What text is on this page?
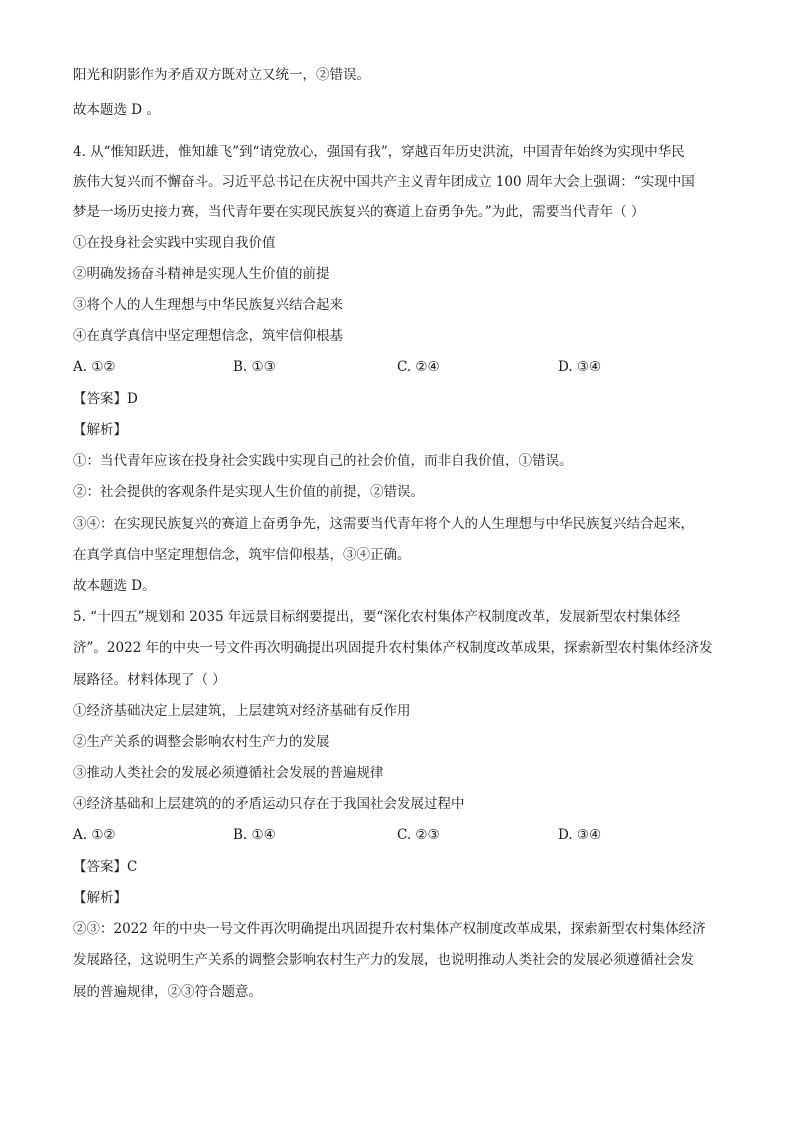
阳光和阴影作为矛盾双方既对立又统一，②错误。
故本题选 D 。
4. 从“惟知跃进，惟知雄飞”到“请党放心，强国有我”，穿越百年历史洪流，中国青年始终为实现中华民
族伟大复兴而不懈奋斗。习近平总书记在庆祝中国共产主义青年团成立 100 周年大会上强调：“实现中国
梦是一场历史接力赛，当代青年要在实现民族复兴的赛道上奋勇争先。”为此，需要当代青年（ ）
①在投身社会实践中实现自我价值
②明确发扬奋斗精神是实现人生价值的前提
③将个人的人生理想与中华民族复兴结合起来
④在真学真信中坚定理想信念，筑牢信仰根基
A. ①②	B. ①③	C. ②④	D. ③④
【答案】D
【解析】
①：当代青年应该在投身社会实践中实现自己的社会价值，而非自我价值，①错误。
②：社会提供的客观条件是实现人生价值的前提，②错误。
③④：在实现民族复兴的赛道上奋勇争先，这需要当代青年将个人的人生理想与中华民族复兴结合起来，
在真学真信中坚定理想信念，筑牢信仰根基，③④正确。
故本题选 D。
5. “十四五”规划和 2035 年远景目标纲要提出，要“深化农村集体产权制度改革，发展新型农村集体经
济”。2022 年的中央一号文件再次明确提出巩固提升农村集体产权制度改革成果，探索新型农村集体经济发
展路径。材料体现了（ ）
①经济基础决定上层建筑，上层建筑对经济基础有反作用
②生产关系的调整会影响农村生产力的发展
③推动人类社会的发展必须遵循社会发展的普遍规律
④经济基础和上层建筑的的矛盾运动只存在于我国社会发展过程中
A. ①②	B. ①④	C. ②③	D. ③④
【答案】C
【解析】
②③：2022 年的中央一号文件再次明确提出巩固提升农村集体产权制度改革成果，探索新型农村集体经济
发展路径，这说明生产关系的调整会影响农村生产力的发展，也说明推动人类社会的发展必须遵循社会发
展的普遍规律，②③符合题意。
